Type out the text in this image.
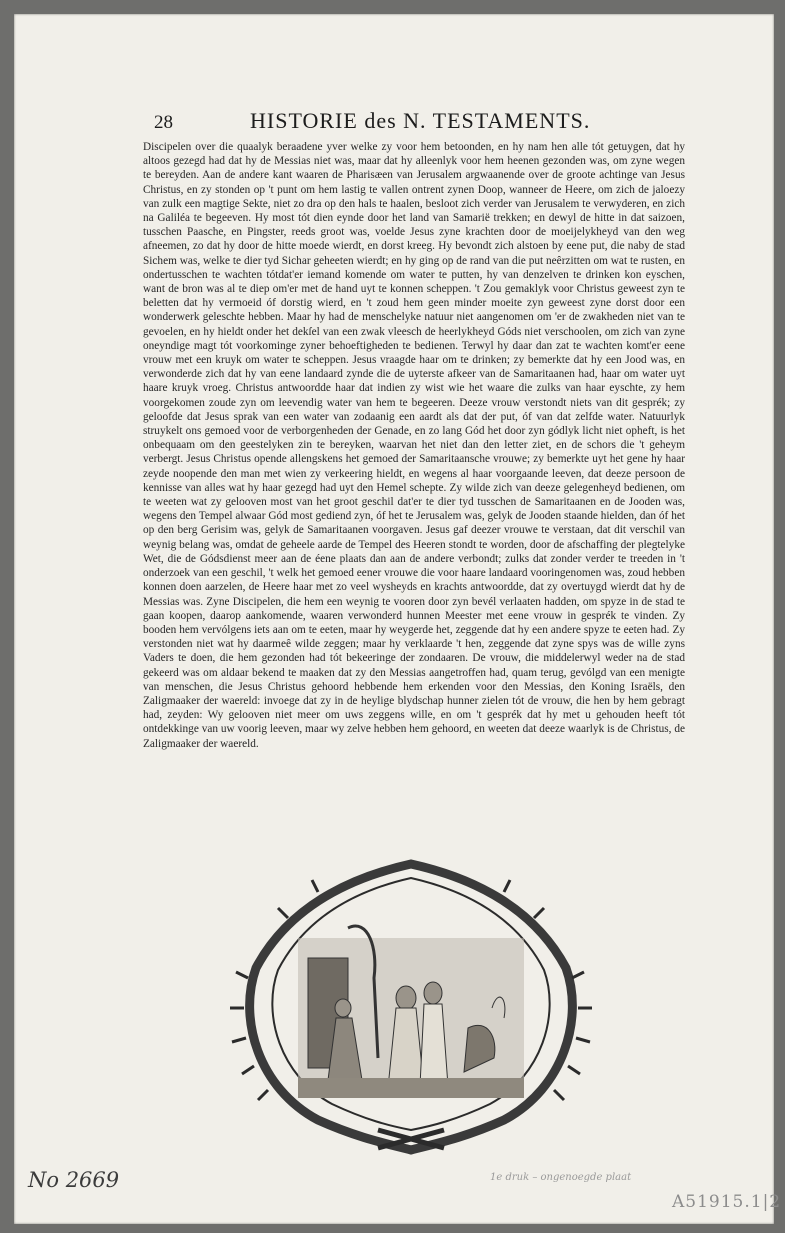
28	HISTORIE des N. TESTAMENTS.

Discipelen over die quaalyk beraadene yver welke zy voor hem betoonden, en hy nam hen alle tót getuygen, dat hy altoos gezegd had dat hy de Messias niet was, maar dat hy alleenlyk voor hem heenen gezonden was, om zyne wegen te bereyden. Aan de andere kant waaren de Pharisæen van Jerusalem argwaanende over de groote achtinge van Jesus Christus, en zy stonden op 't punt om hem lastig te vallen ontrent zynen Doop, wanneer de Heere, om zich de jaloezy van zulk een magtige Sekte, niet zo dra op den hals te haalen, besloot zich verder van Jerusalem te verwyderen, en zich na Galiléa te begeeven. Hy most tót dien eynde door het land van Samarië trekken; en dewyl de hitte in dat saizoen, tusschen Paasche, en Pingster, reeds groot was, voelde Jesus zyne krachten door de moeijelykheyd van den weg afneemen, zo dat hy door de hitte moede wierdt, en dorst kreeg. Hy bevondt zich alstoen by eene put, die naby de stad Sichem was, welke te dier tyd Sichar geheeten wierdt; en hy ging op de rand van die put neêrzitten om wat te rusten, en ondertusschen te wachten tótdat'er iemand komende om water te putten, hy van denzelven te drinken kon eyschen, want de bron was al te diep om'er met de hand uyt te konnen scheppen. 't Zou gemaklyk voor Christus geweest zyn te beletten dat hy vermoeid óf dorstig wierd, en 't zoud hem geen minder moeite zyn geweest zyne dorst door een wonderwerk geleschte hebben. Maar hy had de menschelyke natuur niet aangenomen om 'er de zwakheden niet van te gevoelen, en hy hieldt onder het dekſel van een zwak vleesch de heerlykheyd Góds niet verschoolen, om zich van zyne oneyndige magt tót voorkominge zyner behoeftigheden te bedienen. Terwyl hy daar dan zat te wachten komt'er eene vrouw met een kruyk om water te scheppen. Jesus vraagde haar om te drinken; zy bemerkte dat hy een Jood was, en verwonderde zich dat hy van eene landaard zynde die de uyterste afkeer van de Samaritaanen had, haar om water uyt haare kruyk vroeg. Christus antwoordde haar dat indien zy wist wie het waare die zulks van haar eyschte, zy hem voorgekomen zoude zyn om leevendig water van hem te begeeren. Deeze vrouw verstondt niets van dit gesprék; zy geloofde dat Jesus sprak van een water van zodaanig een aardt als dat der put, óf van dat zelfde water. Natuurlyk struykelt ons gemoed voor de verborgenheden der Genade, en zo lang Gód het door zyn gódlyk licht niet opheft, is het onbequaam om den geestelyken zin te bereyken, waarvan het niet dan den letter ziet, en de schors die 't geheym verbergt. Jesus Christus opende allengskens het gemoed der Samaritaansche vrouwe; zy bemerkte uyt het gene hy haar zeyde noopende den man met wien zy verkeering hieldt, en wegens al haar voorgaande leeven, dat deeze persoon de kennisse van alles wat hy haar gezegd had uyt den Hemel schepte. Zy wilde zich van deeze gelegenheyd bedienen, om te weeten wat zy gelooven most van het groot geschil dat'er te dier tyd tusschen de Samaritaanen en de Jooden was, wegens den Tempel alwaar Gód most gediend zyn, óf het te Jerusalem was, gelyk de Jooden staande hielden, dan óf het op den berg Gerisim was, gelyk de Samaritaanen voorgaven. Jesus gaf deezer vrouwe te verstaan, dat dit verschil van weynig belang was, omdat de geheele aarde de Tempel des Heeren stondt te worden, door de afschaffing der plegtelyke Wet, die de Gódsdienst meer aan de éene plaats dan aan de andere verbondt; zulks dat zonder verder te treeden in 't onderzoek van een geschil, 't welk het gemoed eener vrouwe die voor haare landaard vooringenomen was, zoud hebben konnen doen aarzelen, de Heere haar met zo veel wysheyds en krachts antwoordde, dat zy overtuygd wierdt dat hy de Messias was. Zyne Discipelen, die hem een weynig te vooren door zyn bevél verlaaten hadden, om spyze in de stad te gaan koopen, daarop aankomende, waaren verwonderd hunnen Meester met eene vrouw in gesprék te vinden. Zy booden hem vervólgens iets aan om te eeten, maar hy weygerde het, zeggende dat hy een andere spyze te eeten had. Zy verstonden niet wat hy daarmeê wilde zeggen; maar hy verklaarde 't hen, zeggende dat zyne spys was de wille zyns Vaders te doen, die hem gezonden had tót bekeeringe der zondaaren. De vrouw, die middelerwyl weder na de stad gekeerd was om aldaar bekend te maaken dat zy den Messias aangetroffen had, quam terug, gevólgd van een menigte van menschen, die Jesus Christus gehoord hebbende hem erkenden voor den Messias, den Koning Israëls, den Zaligmaaker der waereld: invoege dat zy in de heylige blydschap hunner zielen tót de vrouw, die hen by hem gebragt had, zeyden: Wy gelooven niet meer om uws zeggens wille, en om 't gesprék dat hy met u gehouden heeft tót ontdekkinge van uw voorig leeven, maar wy zelve hebben hem gehoord, en weeten dat deeze waarlyk is de Christus, de Zaligmaaker der waereld.

No 2669	1e druk – ongenoegde plaat
A51915.1|2
